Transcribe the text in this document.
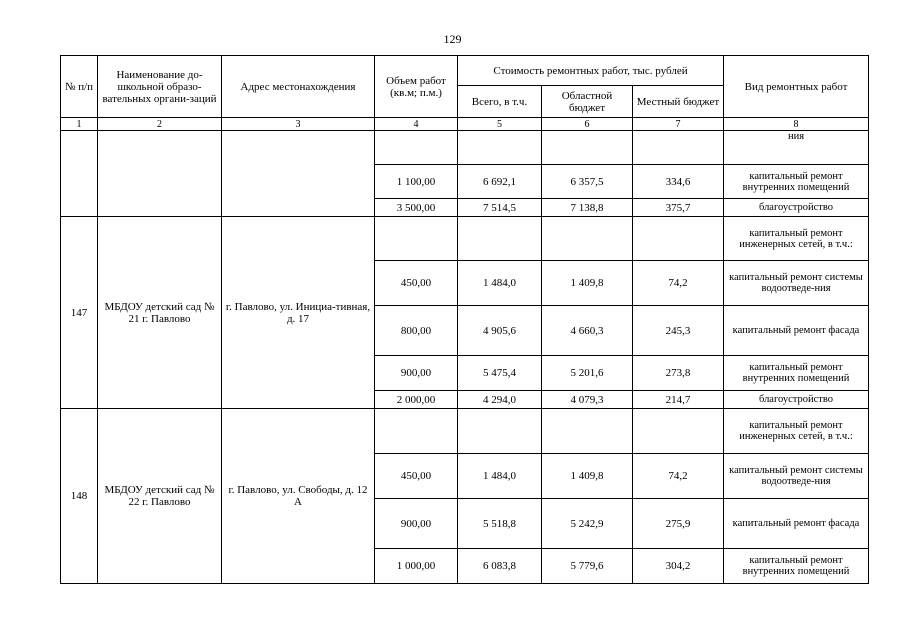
129
№ п/п	Наименование до-школьной образо-вательных органи-заций	Адрес местонахождения	Объем работ (кв.м; п.м.)	Стоимость ремонтных работ, тыс. рублей			Вид ремонтных работ
				Всего, в т.ч.	Областной бюджет	Местный бюджет	
1	2	3	4	5	6	7	8
							ния
			1 100,00	6 692,1	6 357,5	334,6	капитальный ремонт внутренних помещений
			3 500,00	7 514,5	7 138,8	375,7	благоустройство
147	МБДОУ детский сад № 21 г. Павлово	г. Павлово, ул. Инициа-тивная, д. 17					капитальный ремонт инженерных сетей, в т.ч.:
			450,00	1 484,0	1 409,8	74,2	капитальный ремонт системы водоотведе-ния
			800,00	4 905,6	4 660,3	245,3	капитальный ремонт фасада
			900,00	5 475,4	5 201,6	273,8	капитальный ремонт внутренних помещений
			2 000,00	4 294,0	4 079,3	214,7	благоустройство
148	МБДОУ детский сад № 22 г. Павлово	г. Павлово, ул. Свободы, д. 12 А					капитальный ремонт инженерных сетей, в т.ч.:
			450,00	1 484,0	1 409,8	74,2	капитальный ремонт системы водоотведе-ния
			900,00	5 518,8	5 242,9	275,9	капитальный ремонт фасада
			1 000,00	6 083,8	5 779,6	304,2	капитальный ремонт внутренних помещений
